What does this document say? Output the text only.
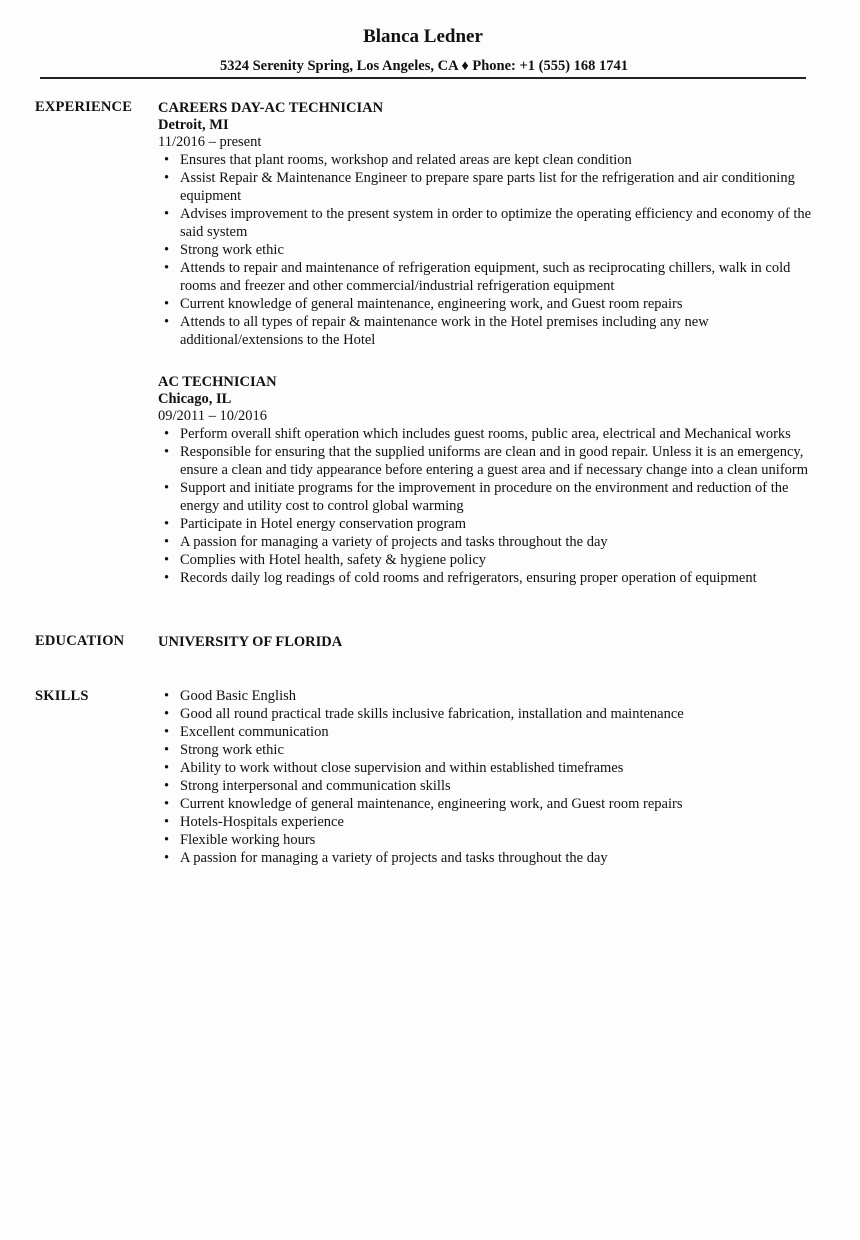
Blanca Ledner
5324 Serenity Spring, Los Angeles, CA ♦ Phone: +1 (555) 168 1741
EXPERIENCE CAREERS DAY-AC TECHNICIAN
Detroit, MI
11/2016 – present
• Ensures that plant rooms, workshop and related areas are kept clean condition
• Assist Repair & Maintenance Engineer to prepare spare parts list for the refrigeration and air conditioning equipment
• Advises improvement to the present system in order to optimize the operating efficiency and economy of the said system
• Strong work ethic
• Attends to repair and maintenance of refrigeration equipment, such as reciprocating chillers, walk in cold rooms and freezer and other commercial/industrial refrigeration equipment
• Current knowledge of general maintenance, engineering work, and Guest room repairs
• Attends to all types of repair & maintenance work in the Hotel premises including any new additional/extensions to the Hotel
AC TECHNICIAN
Chicago, IL
09/2011 – 10/2016
• Perform overall shift operation which includes guest rooms, public area, electrical and Mechanical works
• Responsible for ensuring that the supplied uniforms are clean and in good repair. Unless it is an emergency, ensure a clean and tidy appearance before entering a guest area and if necessary change into a clean uniform
• Support and initiate programs for the improvement in procedure on the environment and reduction of the energy and utility cost to control global warming
• Participate in Hotel energy conservation program
• A passion for managing a variety of projects and tasks throughout the day
• Complies with Hotel health, safety & hygiene policy
• Records daily log readings of cold rooms and refrigerators, ensuring proper operation of equipment
EDUCATION UNIVERSITY OF FLORIDA
SKILLS
•	Good Basic English
• Good all round practical trade skills inclusive fabrication, installation and maintenance
• Excellent communication
• Strong work ethic
• Ability to work without close supervision and within established timeframes
• Strong interpersonal and communication skills
• Current knowledge of general maintenance, engineering work, and Guest room repairs
• Hotels-Hospitals experience
• Flexible working hours
• A passion for managing a variety of projects and tasks throughout the day
